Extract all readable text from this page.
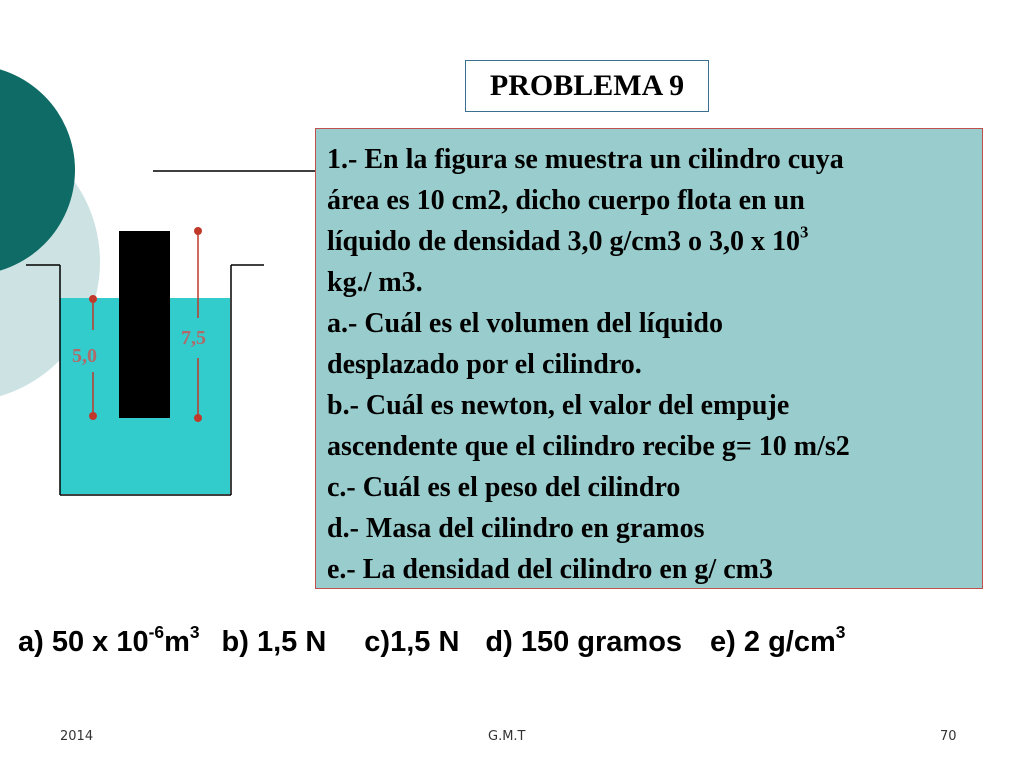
5,0
7,5
PROBLEMA 9

1.- En la figura se muestra un cilindro cuya

área es 10 cm2, dicho cuerpo flota en un

líquido de densidad 3,0 g/cm3 o 3,0 x $10^3$

kg./ m3.

a.- Cuál es el volumen del líquido

desplazado por el cilindro.

b.- Cuál es newton, el valor del empuje

ascendente que el cilindro recibe g= 10 m/s2

c.- Cuál es el peso del cilindro

d.- Masa del cilindro en gramos

e.- La densidad del cilindro en g/ cm3

a) 50 x $10^{-6}m^3$ b) 1,5 N c)1,5 N d) 150 gramos e) 2 $g/cm^3$
2014	G.M.T	70
